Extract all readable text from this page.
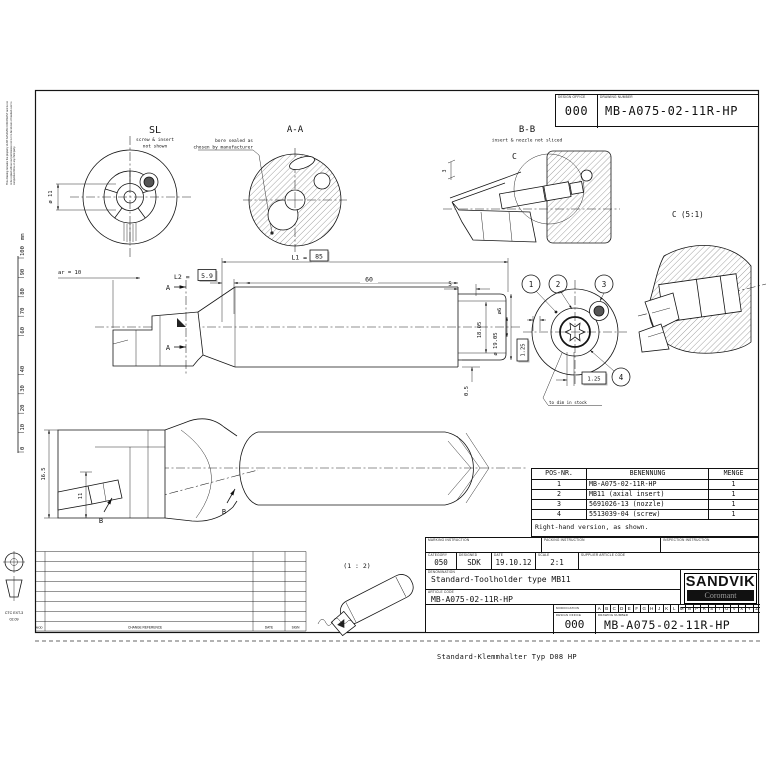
100
90
80
70
60
40
30
20
10
0
mm
SL
screw & insert
not shown
ø 11
A-A
bore sealed as
chosen by manufacturer
B-B
insert & nozzle not sliced
C
3
C (5:1)
A
A
ar = 10
L1 = 85
L2 = 5.9	60
5
ø6
18.05
ø 19.05
0.5
1	2	3
4
1.25
1.25
to dim in stock
16.5
11
B
B
(1 : 2)
MOD	CHANGE REFERENCE	DATE	SIGN
CTC EXT-3
02.09
This drawing remains the property of AB SANDVIK COROMANT and is not to be copied without our permission nor is it to be shown or handed over to competitive firms or any third party.
DESIGN OFFICE
000
DRAWING NUMBER
MB-A075-02-11R-HP
POS-NR.	BENENNUNG	MENGE
1	MB-A075-02-11R-HP	1
2	MB11 (axial insert)	1
3	5691026-13 (nozzle)	1
4	5513039-04 (screw)	1
Right-hand version, as shown.
MARKING INSTRUCTION	PACKING INSTRUCTION	INSPECTION INSTRUCTION
CATEGORY
050
DESIGNED
SDK
DATE
19.10.12
SCALE
2:1
SUPPLIER ARTICLE CODE
DENOMINATION
Standard-Toolholder type MB11	SANDVIK
Coromant
ARTICLE CODE
MB-A075-02-11R-HP
MODIFICATION	A	B	C D	E	F	G H	J	K	L	M N	P	R	S	T	U	V	X	Y	Z
DESIGN OFFICE
000
DRAWING NUMBER
MB-A075-02-11R-HP
Standard-Klemmhalter Typ D08 HP
